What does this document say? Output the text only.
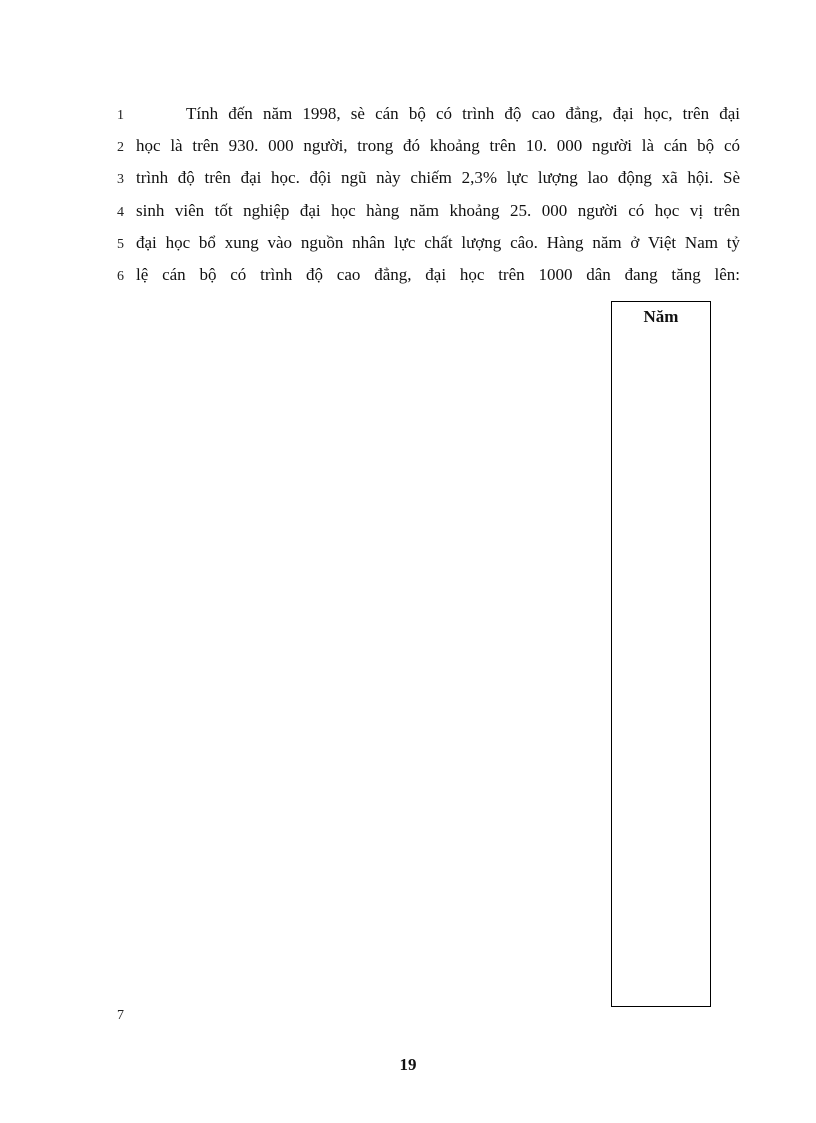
1
2
3
4
5
6
7
Tính đến năm 1998, sè cán bộ có trình độ cao đẳng, đại học, trên đại
học là trên 930. 000 người, trong đó khoảng trên 10. 000 người là cán bộ có
trình độ trên đại học. đội ngũ này chiếm 2,3% lực lượng lao động xã hội. Sè
sinh viên tốt nghiệp đại học hàng năm khoảng 25. 000 người có học vị trên
đại học bổ xung vào nguồn nhân lực chất lượng câo. Hàng năm ở Việt Nam tỷ
lệ cán bộ có trình độ cao đẳng, đại học trên 1000 dân đang tăng lên:
Năm
19
